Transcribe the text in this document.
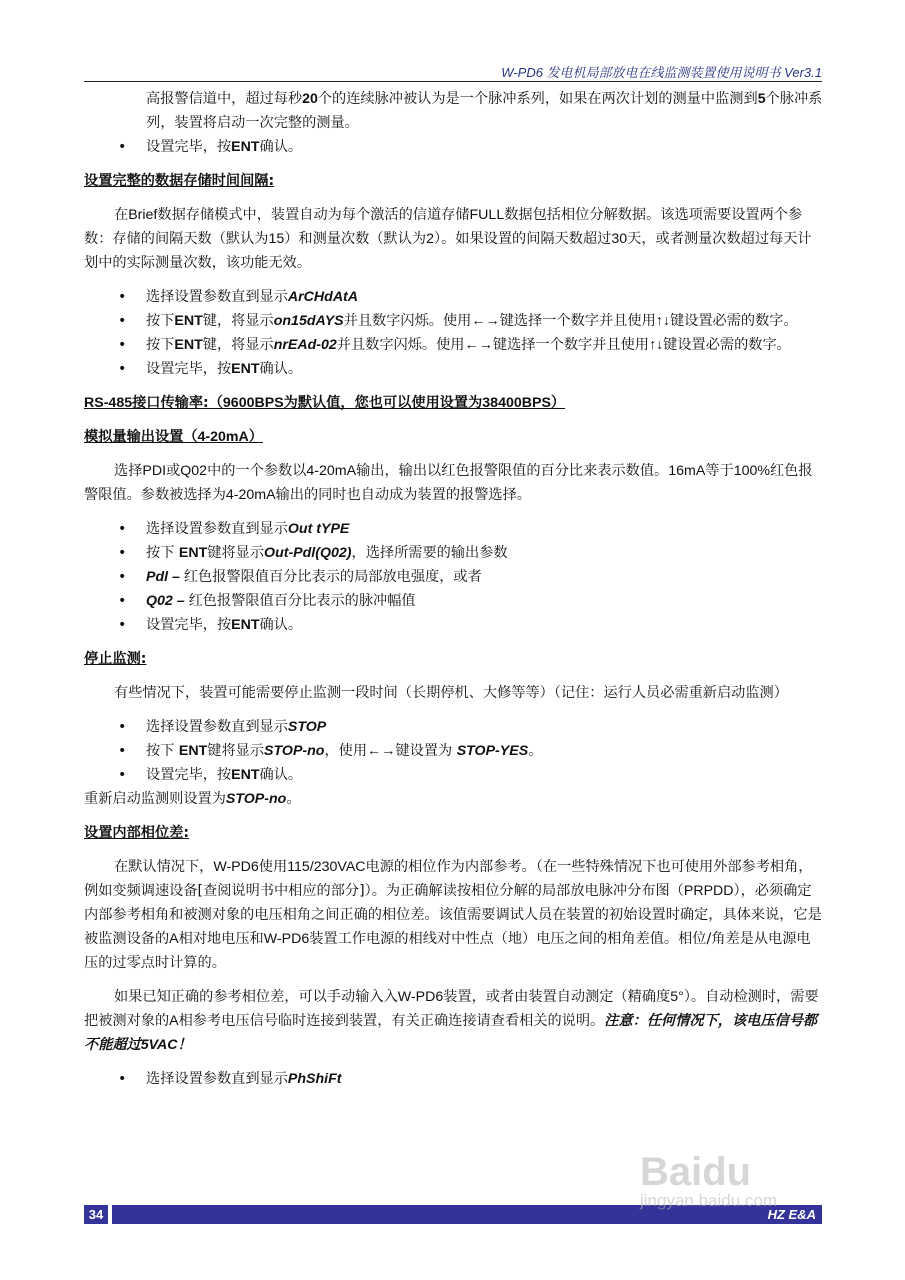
W-PD6 发电机局部放电在线监测装置使用说明书 Ver3.1
高报警信道中，超过每秒20个的连续脉冲被认为是一个脉冲系列，如果在两次计划的测量中监测到5个脉冲系列，装置将启动一次完整的测量。
• 设置完毕，按ENT确认。
设置完整的数据存储时间间隔:
在Brief数据存储模式中，装置自动为每个激活的信道存储FULL数据包括相位分解数据。该选项需要设置两个参数：存储的间隔天数（默认为15）和测量次数（默认为2）。如果设置的间隔天数超过30天，或者测量次数超过每天计划中的实际测量次数，该功能无效。
• 选择设置参数直到显示ArCHdAtA
• 按下ENT键，将显示on15dAYS并且数字闪烁。使用←→键选择一个数字并且使用↑↓键设置必需的数字。
• 按下ENT键，将显示nrEAd-02并且数字闪烁。使用←→键选择一个数字并且使用↑↓键设置必需的数字。
• 设置完毕，按ENT确认。
RS-485接口传输率:（9600BPS为默认值，您也可以使用设置为38400BPS）
模拟量输出设置（4-20mA）
选择PDI或Q02中的一个参数以4-20mA输出，输出以红色报警限值的百分比来表示数值。16mA等于100%红色报警限值。参数被选择为4-20mA输出的同时也自动成为装置的报警选择。
• 选择设置参数直到显示Out tYPE
• 按下 ENT键将显示Out-Pdl(Q02)，选择所需要的输出参数
• Pdl – 红色报警限值百分比表示的局部放电强度，或者
• Q02 – 红色报警限值百分比表示的脉冲幅值
• 设置完毕，按ENT确认。
停止监测:
有些情况下，装置可能需要停止监测一段时间（长期停机、大修等等）（记住：运行人员必需重新启动监测）
• 选择设置参数直到显示STOP
• 按下 ENT键将显示STOP-no，使用←→键设置为 STOP-YES。
• 设置完毕，按ENT确认。
重新启动监测则设置为STOP-no。
设置内部相位差:
在默认情况下，W-PD6使用115/230VAC电源的相位作为内部参考。（在一些特殊情况下也可使用外部参考相角，例如变频调速设备[查阅说明书中相应的部分]）。为正确解读按相位分解的局部放电脉冲分布图（PRPDD），必须确定内部参考相角和被测对象的电压相角之间正确的相位差。该值需要调试人员在装置的初始设置时确定，具体来说，它是被监测设备的A相对地电压和W-PD6装置工作电源的相线对中性点（地）电压之间的相角差值。相位/角差是从电源电压的过零点时计算的。
如果已知正确的参考相位差，可以手动输入入W-PD6装置，或者由装置自动测定（精确度5°）。自动检测时，需要把被测对象的A相参考电压信号临时连接到装置，有关正确连接请查看相关的说明。注意：任何情况下，该电压信号都不能超过5VAC！
• 选择设置参数直到显示PhShiFt
34	HZ E&A
Baidu
jingyan.baidu.com
